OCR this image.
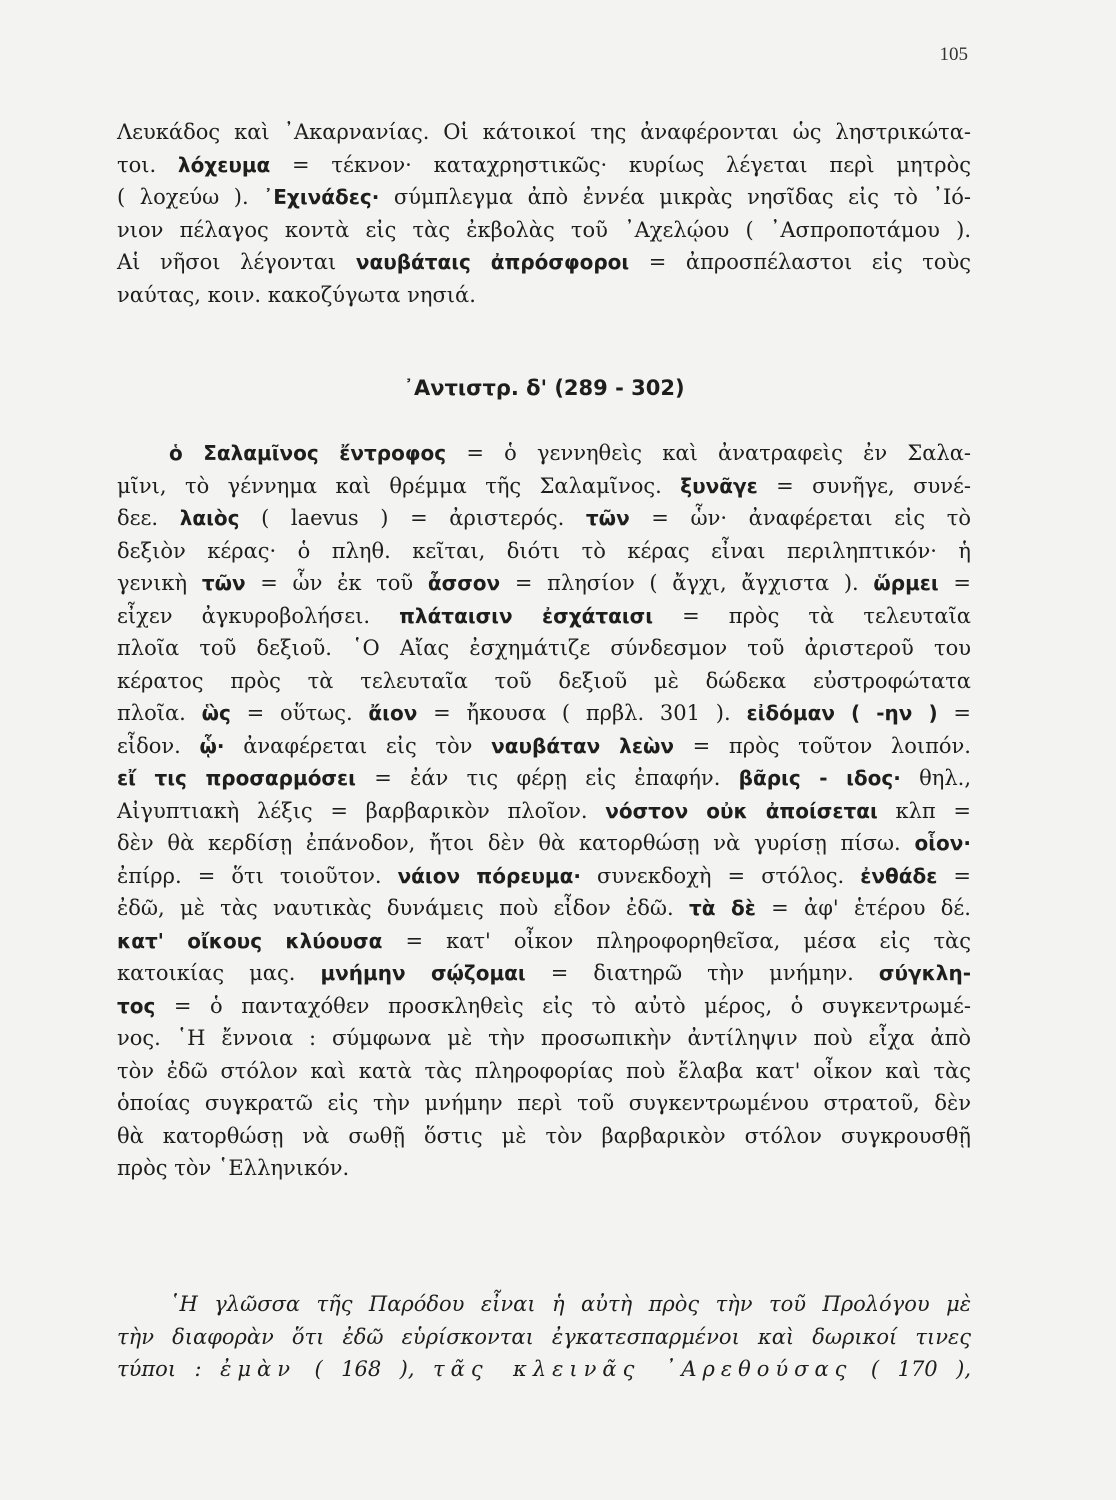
105
Λευκάδος καὶ ᾿Ακαρνανίας. Οἱ κάτοικοί της ἀναφέρονται ὡς ληστρικώτα-
τοι. λόχευμα = τέκνον· καταχρηστικῶς· κυρίως λέγεται περὶ μητρὸς
( λοχεύω ). ᾿Εχινάδες· σύμπλεγμα ἀπὸ ἐννέα μικρὰς νησῖδας εἰς τὸ ᾿Ιό-
νιον πέλαγος κοντὰ εἰς τὰς ἐκβολὰς τοῦ ᾿Αχελῴου ( ᾿Ασπροποτάμου ).
Αἱ νῆσοι λέγονται ναυβάταις ἀπρόσφοροι = ἀπροσπέλαστοι εἰς τοὺς
ναύτας, κοιν. κακοζύγωτα νησιά.
᾿Αντιστρ. δ' (289 - 302)
ὁ Σαλαμῖνος ἔντροφος = ὁ γεννηθεὶς καὶ ἀνατραφεὶς ἐν Σαλα-
μῖνι, τὸ γέννημα καὶ θρέμμα τῆς Σαλαμῖνος. ξυνᾶγε = συνῆγε, συνέ-
δεε. λαιὸς ( laevus ) = ἀριστερός. τῶν = ὧν· ἀναφέρεται εἰς τὸ
δεξιὸν κέρας· ὁ πληθ. κεῖται, διότι τὸ κέρας εἶναι περιληπτικόν· ἡ
γενικὴ τῶν = ὧν ἐκ τοῦ ἆσσον = πλησίον ( ἄγχι, ἄγχιστα ). ὥρμει =
εἶχεν ἀγκυροβολήσει. πλάταισιν ἐσχάταισι = πρὸς τὰ τελευταῖα
πλοῖα τοῦ δεξιοῦ. ῾Ο Αἴας ἐσχημάτιζε σύνδεσμον τοῦ ἀριστεροῦ του
κέρατος πρὸς τὰ τελευταῖα τοῦ δεξιοῦ μὲ δώδεκα εὐστροφώτατα
πλοῖα. ὣς = οὕτως. ἄιον = ἤκουσα ( πρβλ. 301 ). εἰδόμαν ( -ην ) =
εἶδον. ᾧ· ἀναφέρεται εἰς τὸν ναυβάταν λεὼν = πρὸς τοῦτον λοιπόν.
εἴ τις προσαρμόσει = ἐάν τις φέρῃ εἰς ἐπαφήν. βᾶρις - ιδος· θηλ.,
Αἰγυπτιακὴ λέξις = βαρβαρικὸν πλοῖον. νόστον οὐκ ἀποίσεται κλπ =
δὲν θὰ κερδίσῃ ἐπάνοδον, ἤτοι δὲν θὰ κατορθώσῃ νὰ γυρίσῃ πίσω. οἷον·
ἐπίρρ. = ὅτι τοιοῦτον. νάιον πόρευμα· συνεκδοχὴ = στόλος. ἐνθάδε =
ἐδῶ, μὲ τὰς ναυτικὰς δυνάμεις ποὺ εἶδον ἐδῶ. τὰ δὲ = ἀφ' ἑτέρου δέ.
κατ' οἴκους κλύουσα = κατ' οἶκον πληροφορηθεῖσα, μέσα εἰς τὰς
κατοικίας μας. μνήμην σῴζομαι = διατηρῶ τὴν μνήμην. σύγκλη-
τος = ὁ πανταχόθεν προσκληθεὶς εἰς τὸ αὐτὸ μέρος, ὁ συγκεντρωμέ-
νος. ῾Η ἔννοια : σύμφωνα μὲ τὴν προσωπικὴν ἀντίληψιν ποὺ εἶχα ἀπὸ
τὸν ἐδῶ στόλον καὶ κατὰ τὰς πληροφορίας ποὺ ἔλαβα κατ' οἶκον καὶ τὰς
ὁποίας συγκρατῶ εἰς τὴν μνήμην περὶ τοῦ συγκεντρωμένου στρατοῦ, δὲν
θὰ κατορθώσῃ νὰ σωθῇ ὅστις μὲ τὸν βαρβαρικὸν στόλον συγκρουσθῇ
πρὸς τὸν ῾Ελληνικόν.
῾Η γλῶσσα τῆς Παρόδου εἶναι ἡ αὐτὴ πρὸς τὴν τοῦ Προλόγου μὲ
τὴν διαφορὰν ὅτι ἐδῶ εὑρίσκονται ἐγκατεσπαρμένοι καὶ δωρικοί τινες
τύποι : ἐμὰν ( 168 ), τᾶς κλεινᾶς ᾿Αρεθούσας ( 170 ),
